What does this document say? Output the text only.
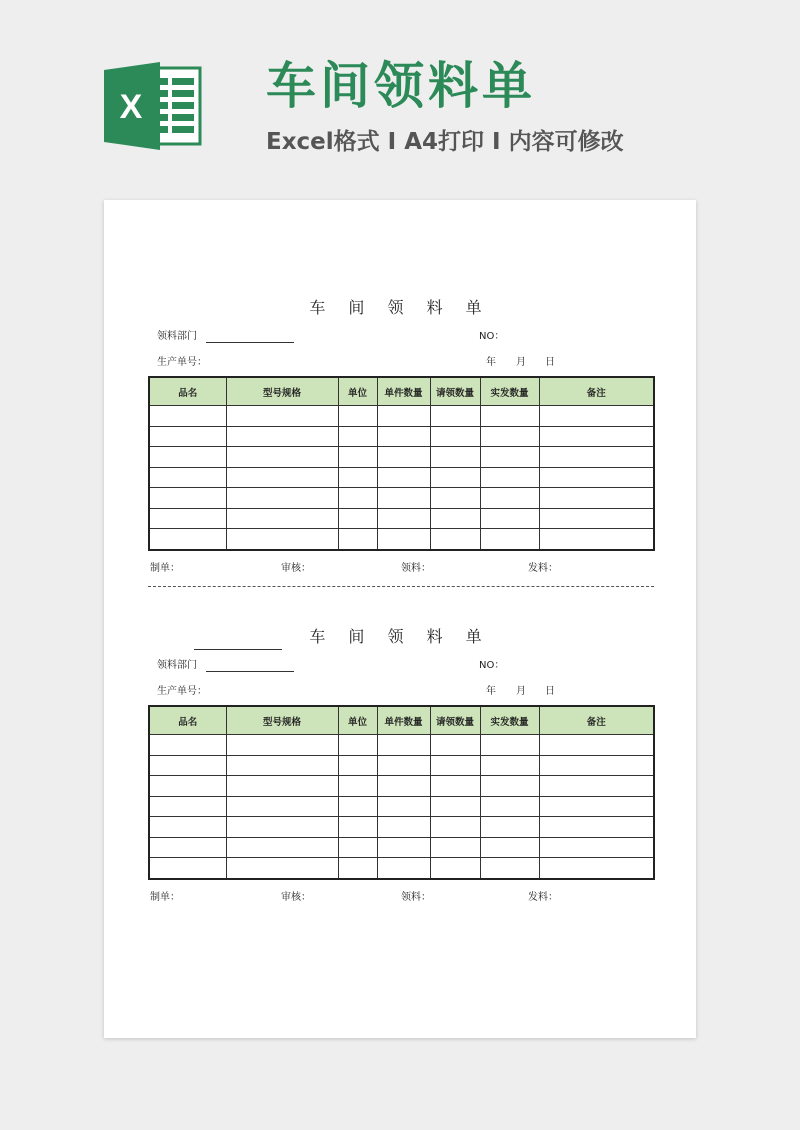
X 车间领料单
Excel格式 I A4打印 I 内容可修改
车 间 领 料 单
领料部门	NO：
生产单号：	年 月 日
品名	型号规格	单位	单件数量	请领数量	实发数量	备注

制单：	审核：	领料：	发料：
车 间 领 料 单
领料部门	NO：
生产单号：	年 月 日
品名	型号规格	单位	单件数量	请领数量	实发数量	备注

制单：	审核：	领料：	发料：
